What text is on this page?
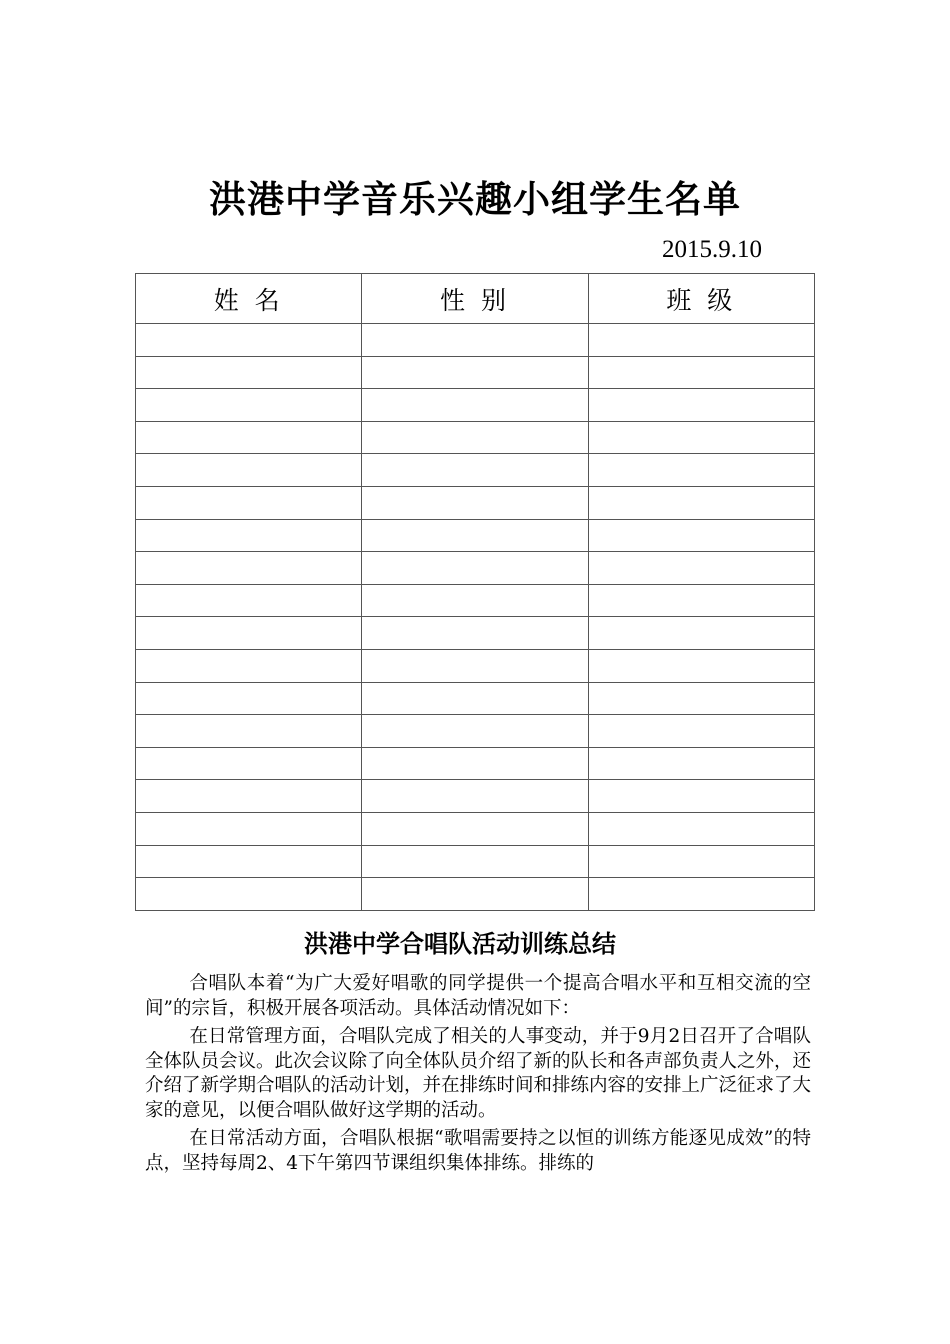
洪港中学音乐兴趣小组学生名单
2015.9.10
姓 名	性 别	班 级

洪港中学合唱队活动训练总结

合唱队本着“为广大爱好唱歌的同学提供一个提高合唱水平和互相交流的空间”的宗旨，积极开展各项活动。具体活动情况如下：

在日常管理方面，合唱队完成了相关的人事变动，并于9月2日召开了合唱队全体队员会议。此次会议除了向全体队员介绍了新的队长和各声部负责人之外，还介绍了新学期合唱队的活动计划，并在排练时间和排练内容的安排上广泛征求了大家的意见，以便合唱队做好这学期的活动。

在日常活动方面，合唱队根据“歌唱需要持之以恒的训练方能逐见成效”的特点，坚持每周2、4下午第四节课组织集体排练。排练的
